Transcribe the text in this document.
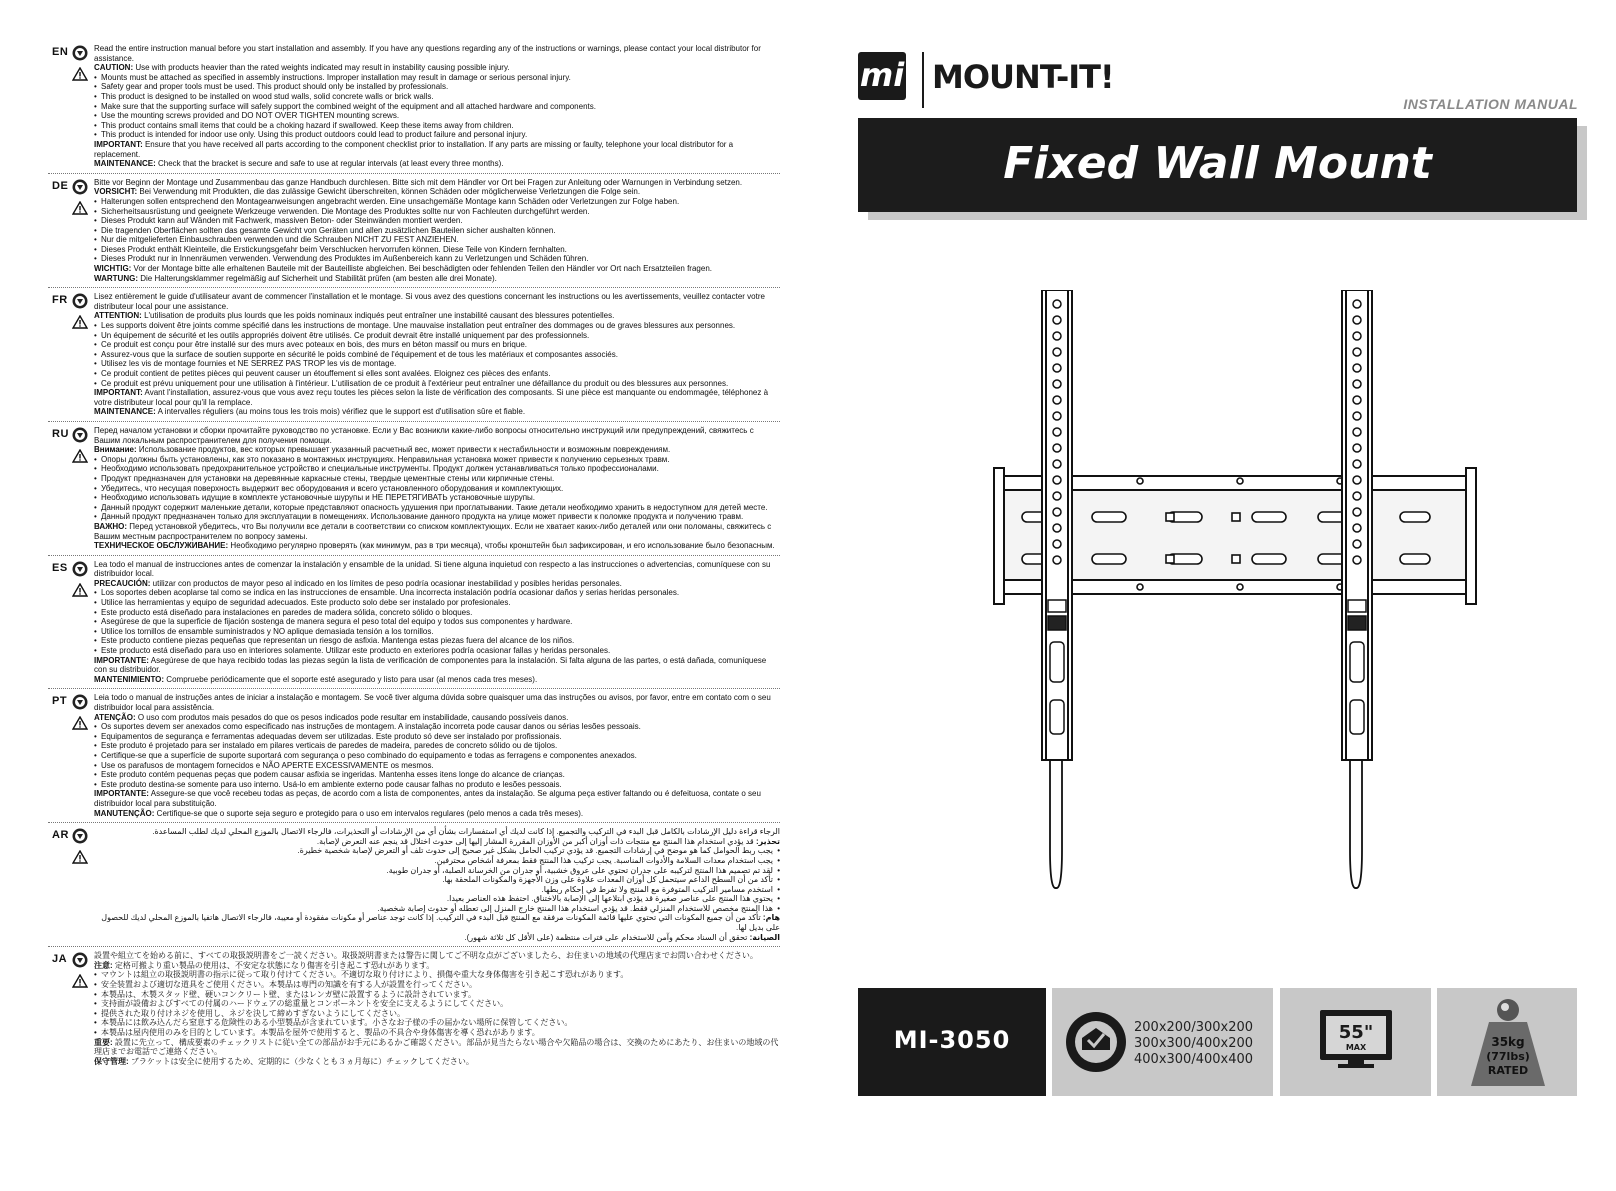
EN	Read the entire instruction manual before you start installation and assembly. If you have any questions regarding any of the instructions or warnings, please contact your local distributor for assistance.
CAUTION: Use with products heavier than the rated weights indicated may result in instability causing possible injury.
• Mounts must be attached as specified in assembly instructions. Improper installation may result in damage or serious personal injury.
• Safety gear and proper tools must be used. This product should only be installed by professionals.
• This product is designed to be installed on wood stud walls, solid concrete walls or brick walls.
• Make sure that the supporting surface will safely support the combined weight of the equipment and all attached hardware and components.
• Use the mounting screws provided and DO NOT OVER TIGHTEN mounting screws.
• This product contains small items that could be a choking hazard if swallowed. Keep these items away from children.
• This product is intended for indoor use only. Using this product outdoors could lead to product failure and personal injury.
IMPORTANT: Ensure that you have received all parts according to the component checklist prior to installation. If any parts are missing or faulty, telephone your local distributor for a replacement.
MAINTENANCE: Check that the bracket is secure and safe to use at regular intervals (at least every three months).
DE	Bitte vor Beginn der Montage und Zusammenbau das ganze Handbuch durchlesen. Bitte sich mit dem Händler vor Ort bei Fragen zur Anleitung oder Warnungen in Verbindung setzen.
VORSICHT: Bei Verwendung mit Produkten, die das zulässige Gewicht überschreiten, können Schäden oder möglicherweise Verletzungen die Folge sein.
• Halterungen sollen entsprechend den Montageanweisungen angebracht werden. Eine unsachgemäße Montage kann Schäden oder Verletzungen zur Folge haben.
• Sicherheitsausrüstung und geeignete Werkzeuge verwenden. Die Montage des Produktes sollte nur von Fachleuten durchgeführt werden.
• Dieses Produkt kann auf Wänden mit Fachwerk, massiven Beton- oder Steinwänden montiert werden.
• Die tragenden Oberflächen sollten das gesamte Gewicht von Geräten und allen zusätzlichen Bauteilen sicher aushalten können.
• Nur die mitgelieferten Einbauschrauben verwenden und die Schrauben NICHT ZU FEST ANZIEHEN.
• Dieses Produkt enthält Kleinteile, die Erstickungsgefahr beim Verschlucken hervorrufen können. Diese Teile von Kindern fernhalten.
• Dieses Produkt nur in Innenräumen verwenden. Verwendung des Produktes im Außenbereich kann zu Verletzungen und Schäden führen.
WICHTIG: Vor der Montage bitte alle erhaltenen Bauteile mit der Bauteilliste abgleichen. Bei beschädigten oder fehlenden Teilen den Händler vor Ort nach Ersatzteilen fragen.
WARTUNG: Die Halterungsklammer regelmäßig auf Sicherheit und Stabilität prüfen (am besten alle drei Monate).
FR	Lisez entièrement le guide d'utilisateur avant de commencer l'installation et le montage. Si vous avez des questions concernant les instructions ou les avertissements, veuillez contacter votre distributeur local pour une assistance.
ATTENTION: L'utilisation de produits plus lourds que les poids nominaux indiqués peut entraîner une instabilité causant des blessures potentielles.
• Les supports doivent être joints comme spécifié dans les instructions de montage. Une mauvaise installation peut entraîner des dommages ou de graves blessures aux personnes.
• Un équipement de sécurité et les outils appropriés doivent être utilisés. Ce produit devrait être installé uniquement par des professionnels.
• Ce produit est conçu pour être installé sur des murs avec poteaux en bois, des murs en béton massif ou murs en brique.
• Assurez-vous que la surface de soutien supporte en sécurité le poids combiné de l'équipement et de tous les matériaux et composantes associés.
• Utilisez les vis de montage fournies et NE SERREZ PAS TROP les vis de montage.
• Ce produit contient de petites pièces qui peuvent causer un étouffement si elles sont avalées. Eloignez ces pièces des enfants.
• Ce produit est prévu uniquement pour une utilisation à l'intérieur. L'utilisation de ce produit à l'extérieur peut entraîner une défaillance du produit ou des blessures aux personnes.
IMPORTANT: Avant l'installation, assurez-vous que vous avez reçu toutes les pièces selon la liste de vérification des composants. Si une pièce est manquante ou endommagée, téléphonez à votre distributeur local pour qu'il la remplace.
MAINTENANCE: A intervalles réguliers (au moins tous les trois mois) vérifiez que le support est d'utilisation sûre et fiable.
RU	Перед началом установки и сборки прочитайте руководство по установке. Если у Вас возникли какие-либо вопросы относительно инструкций или предупреждений, свяжитесь с Вашим локальным распространителем для получения помощи.
Внимание: Использование продуктов, вес которых превышает указанный расчетный вес, может привести к нестабильности и возможным повреждениям.
• Опоры должны быть установлены, как это показано в монтажных инструкциях. Неправильная установка может привести к получению серьезных травм.
• Необходимо использовать предохранительное устройство и специальные инструменты. Продукт должен устанавливаться только профессионалами.
• Продукт предназначен для установки на деревянные каркасные стены, твердые цементные стены или кирпичные стены.
• Убедитесь, что несущая поверхность выдержит вес оборудования и всего установленного оборудования и комплектующих.
• Необходимо использовать идущие в комплекте установочные шурупы и НЕ ПЕРЕТЯГИВАТЬ установочные шурупы.
• Данный продукт содержит маленькие детали, которые представляют опасность удушения при проглатывании. Такие детали необходимо хранить в недоступном для детей месте.
• Данный продукт предназначен только для эксплуатации в помещениях. Использование данного продукта на улице может привести к поломке продукта и получению травм.
ВАЖНО: Перед установкой убедитесь, что Вы получили все детали в соответствии со списком комплектующих. Если не хватает каких-либо деталей или они поломаны, свяжитесь с Вашим местным распространителем по вопросу замены.
ТЕХНИЧЕСКОЕ ОБСЛУЖИВАНИЕ: Необходимо регулярно проверять (как минимум, раз в три месяца), чтобы кронштейн был зафиксирован, и его использование было безопасным.
ES	Lea todo el manual de instrucciones antes de comenzar la instalación y ensamble de la unidad. Si tiene alguna inquietud con respecto a las instrucciones o advertencias, comuníquese con su distribuidor local.
PRECAUCIÓN: utilizar con productos de mayor peso al indicado en los límites de peso podría ocasionar inestabilidad y posibles heridas personales.
• Los soportes deben acoplarse tal como se indica en las instrucciones de ensamble. Una incorrecta instalación podría ocasionar daños y serias heridas personales.
• Utilice las herramientas y equipo de seguridad adecuados. Este producto solo debe ser instalado por profesionales.
• Este producto está diseñado para instalaciones en paredes de madera sólida, concreto sólido o bloques.
• Asegúrese de que la superficie de fijación sostenga de manera segura el peso total del equipo y todos sus componentes y hardware.
• Utilice los tornillos de ensamble suministrados y NO aplique demasiada tensión a los tornillos.
• Este producto contiene piezas pequeñas que representan un riesgo de asfixia. Mantenga estas piezas fuera del alcance de los niños.
• Este producto está diseñado para uso en interiores solamente. Utilizar este producto en exteriores podría ocasionar fallas y heridas personales.
IMPORTANTE: Asegúrese de que haya recibido todas las piezas según la lista de verificación de componentes para la instalación. Si falta alguna de las partes, o está dañada, comuníquese con su distribuidor.
MANTENIMIENTO: Compruebe periódicamente que el soporte esté asegurado y listo para usar (al menos cada tres meses).
PT	Leia todo o manual de instruções antes de iniciar a instalação e montagem. Se você tiver alguma dúvida sobre quaisquer uma das instruções ou avisos, por favor, entre em contato com o seu distribuidor local para assistência.
ATENÇÃO: O uso com produtos mais pesados do que os pesos indicados pode resultar em instabilidade, causando possíveis danos.
• Os suportes devem ser anexados como especificado nas instruções de montagem. A instalação incorreta pode causar danos ou sérias lesões pessoais.
• Equipamentos de segurança e ferramentas adequadas devem ser utilizadas. Este produto só deve ser instalado por profissionais.
• Este produto é projetado para ser instalado em pilares verticais de paredes de madeira, paredes de concreto sólido ou de tijolos.
• Certifique-se que a superfície de suporte suportará com segurança o peso combinado do equipamento e todas as ferragens e componentes anexados.
• Use os parafusos de montagem fornecidos e NÃO APERTE EXCESSIVAMENTE os mesmos.
• Este produto contém pequenas peças que podem causar asfixia se ingeridas. Mantenha esses itens longe do alcance de crianças.
• Este produto destina-se somente para uso interno. Usá-lo em ambiente externo pode causar falhas no produto e lesões pessoais.
IMPORTANTE: Assegure-se que você recebeu todas as peças, de acordo com a lista de componentes, antes da instalação. Se alguma peça estiver faltando ou é defeituosa, contate o seu distribuidor local para substituição.
MANUTENÇÃO: Certifique-se que o suporte seja seguro e protegido para o uso em intervalos regulares (pelo menos a cada três meses).
AR	الرجاء قراءة دليل الإرشادات بالكامل قبل البدء في التركيب والتجميع. إذا كانت لديك أي استفسارات بشأن أي من الإرشادات أو التحذيرات، فالرجاء الاتصال بالموزع المحلي لديك لطلب المساعدة.
تحذير: قد يؤدي استخدام هذا المنتج مع منتجات ذات أوزان أكبر من الأوزان المقررة المشار إليها إلى حدوث اختلال قد ينجم عنه التعرض لإصابة.
• يجب ربط الحوامل كما هو موضح في إرشادات التجميع. قد يؤدي تركيب الحامل بشكل غير صحيح إلى حدوث تلف أو التعرض لإصابة شخصية خطيرة.
• يجب استخدام معدات السلامة والأدوات المناسبة. يجب تركيب هذا المنتج فقط بمعرفة أشخاص محترفين.
• لقد تم تصميم هذا المنتج لتركيبه على جدران تحتوي على عروق خشبية، أو جدران من الخرسانة الصلبة، أو جدران طوبية.
• تأكد من أن السطح الداعم سيتحمل كل أوزان المعدات علاوة على وزن الأجهزة والمكونات الملحقة بها.
• استخدم مسامير التركيب المتوفرة مع المنتج ولا تفرط في إحكام ربطها.
• يحتوي هذا المنتج على عناصر صغيرة قد يؤدي ابتلاعها إلى الإصابة بالاختناق. احتفظ هذه العناصر بعيدا.
• هذا المنتج مخصص للاستخدام المنزلي فقط. قد يؤدي استخدام هذا المنتج خارج المنزل إلى تعطله أو حدوث إصابة شخصية.
هام: تأكد من أن جميع المكونات التي تحتوي عليها قائمة المكونات مرفقة مع المنتج قبل البدء في التركيب. إذا كانت توجد عناصر أو مكونات مفقودة أو معيبة، فالرجاء الاتصال هاتفيا بالموزع المحلي لديك للحصول على بديل لها.
الصيانة: تحقق أن السناد محكم وآمن للاستخدام على فترات منتظمة (على الأقل كل ثلاثة شهور).
JA	設置や組立てを始める前に、すべての取扱説明書をご一読ください。取扱説明書または警告に関してご不明な点がございましたら、お住まいの地域の代理店までお問い合わせください。
注意: 定格可搬より重い製品の使用は、不安定な状態になり傷害を引き起こす恐れがあります。
• マウントは組立の取扱説明書の指示に従って取り付けてください。不適切な取り付けにより、損傷や重大な身体傷害を引き起こす恐れがあります。
• 安全装置および適切な道具をご使用ください。本製品は専門の知識を有する人が設置を行ってください。
• 本製品は、木製スタッド壁、硬いコンクリート壁、またはレンガ壁に設置するように設計されています。
• 支持面が設備およびすべての付属のハードウェアの総重量とコンポーネントを安全に支えるようにしてください。
• 提供された取り付けネジを使用し、ネジを決して締めすぎないようにしてください。
• 本製品には飲み込んだら窒息する危険性のある小型製品が含まれています。小さなお子様の手の届かない場所に保管してください。
• 本製品は屋内使用のみを目的としています。本製品を屋外で使用すると、製品の不具合や身体傷害を導く恐れがあります。
重要: 設置に先立って、構成要素のチェックリストに従い全ての部品がお手元にあるかご確認ください。部品が見当たらない場合や欠陥品の場合は、交換のためにあたり、お住まいの地域の代理店までお電話でご連絡ください。
保守管理: ブラケットは安全に使用するため、定期的に（少なくとも３ヵ月毎に）チェックしてください。
mi MOUNT-IT!
INSTALLATION MANUAL
Fixed Wall Mount
MI-3050	200x200/300x200
300x300/400x200
400x300/400x400
55"
MAX	35kg
(77lbs)
RATED
